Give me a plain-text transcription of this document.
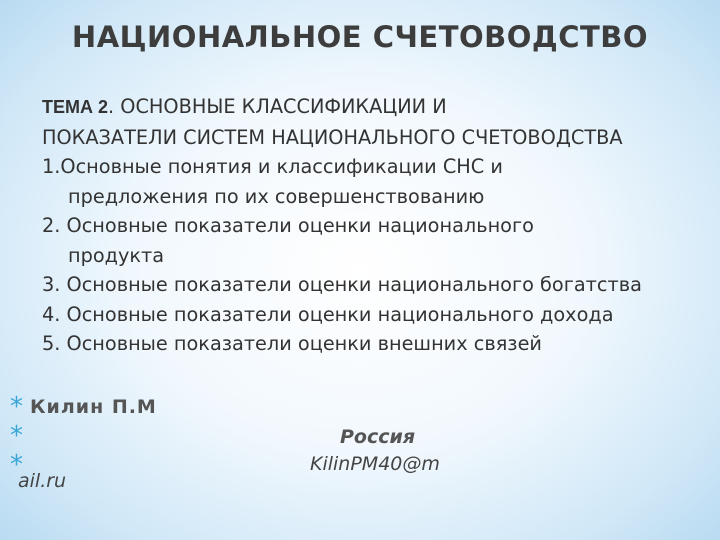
НАЦИОНАЛЬНОЕ СЧЕТОВОДСТВО
ТЕМА 2. ОСНОВНЫЕ КЛАССИФИКАЦИИ И
ПОКАЗАТЕЛИ СИСТЕМ НАЦИОНАЛЬНОГО СЧЕТОВОДСТВА
1.Основные понятия и классификации СНС и
предложения по их совершенствованию
2. Основные показатели оценки национального
продукта
3. Основные показатели оценки национального богатства
4. Основные показатели оценки национального дохода
5. Основные показатели оценки внешних связей
* Килин П.М
*
*
Россия
KilinPM40@m
ail.ru
